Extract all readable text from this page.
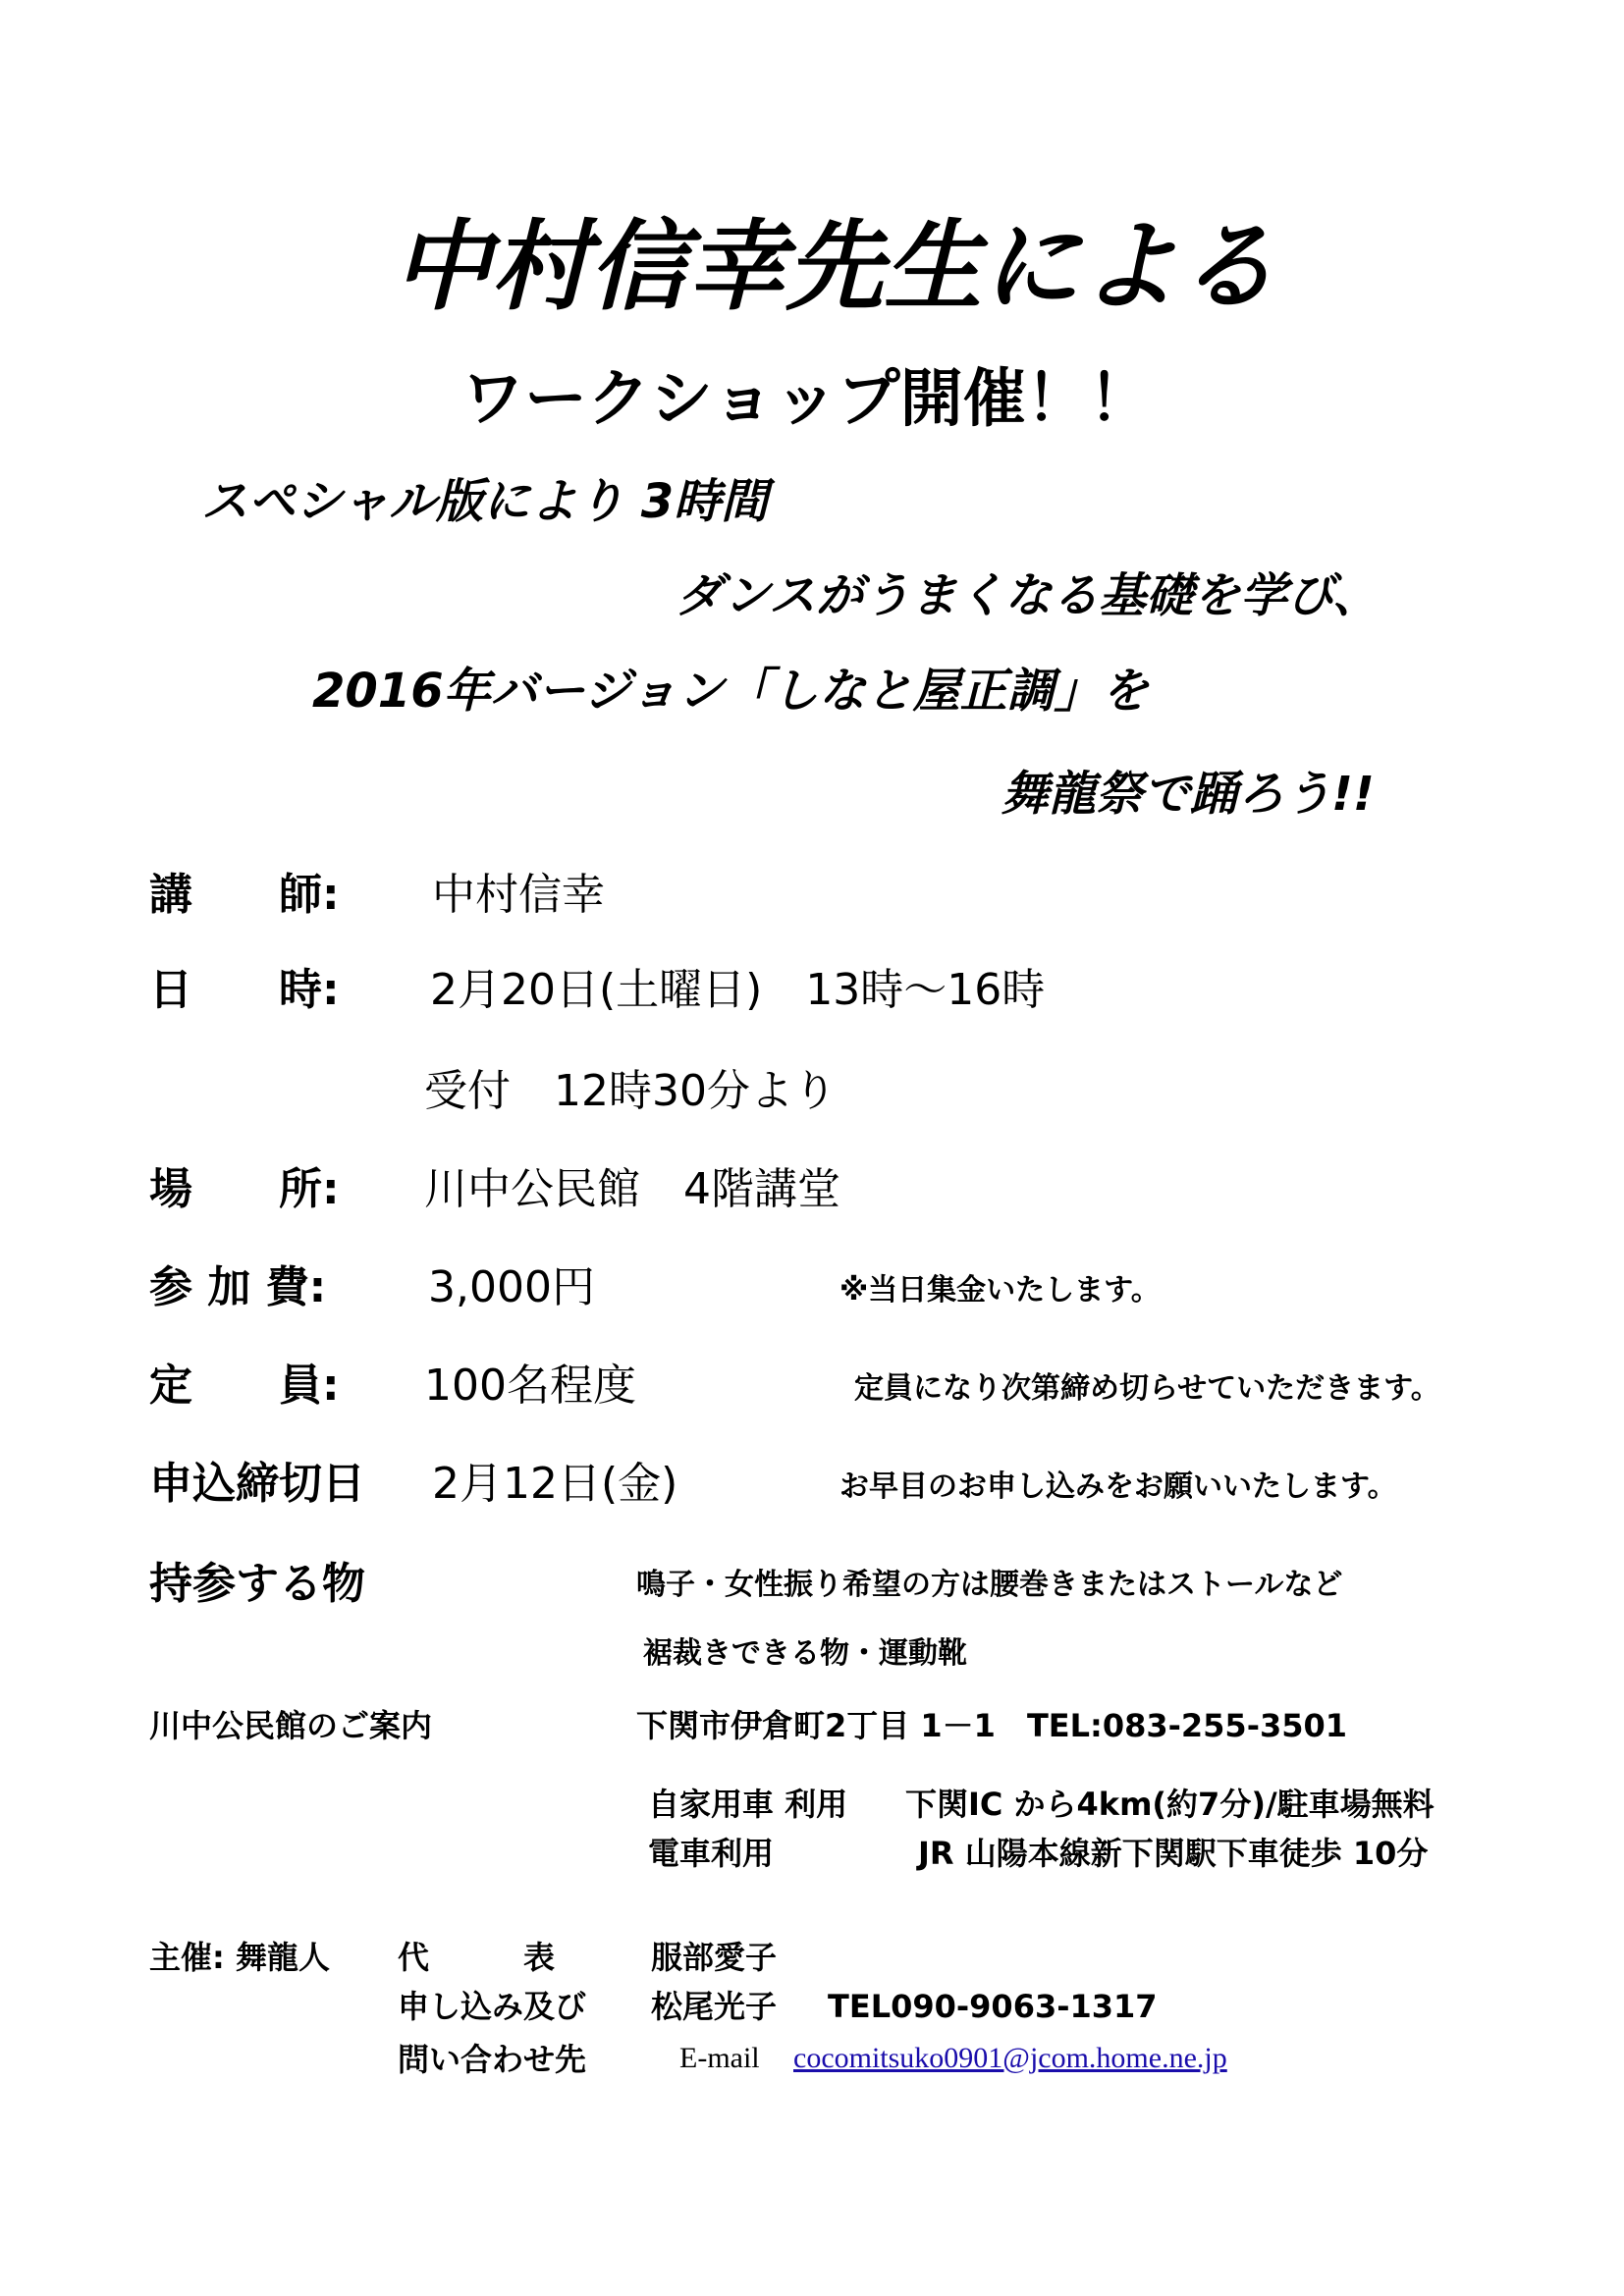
中村信幸先生による
ワークショップ開催！！
スペシャル版により 3時間
ダンスがうまくなる基礎を学び、
2016年バージョン「しなと屋正調」を
舞龍祭で踊ろう!!
講　　師: 中村信幸
日　　時: 2月20日(土曜日)　13時～16時
受付　12時30分より
場　　所: 川中公民館　4階講堂
参 加 費: 3,000円	※当日集金いたします。
定　　員: 100名程度	定員になり次第締め切らせていただきます。
申込締切日 2月12日(金)	お早目のお申し込みをお願いいたします。
持参する物	鳴子・女性振り希望の方は腰巻きまたはストールなど
裾裁きできる物・運動靴
川中公民館のご案内	下関市伊倉町2丁目 1－1　TEL:083-255-3501
自家用車 利用 下関IC から4km(約7分)/駐車場無料
電車利用	JR 山陽本線新下関駅下車徒歩 10分
主催: 舞龍人 代　　　表	服部愛子
申し込み及び 松尾光子 TEL090-9063-1317
問い合わせ先	E-mail cocomitsuko0901@jcom.home.ne.jp
